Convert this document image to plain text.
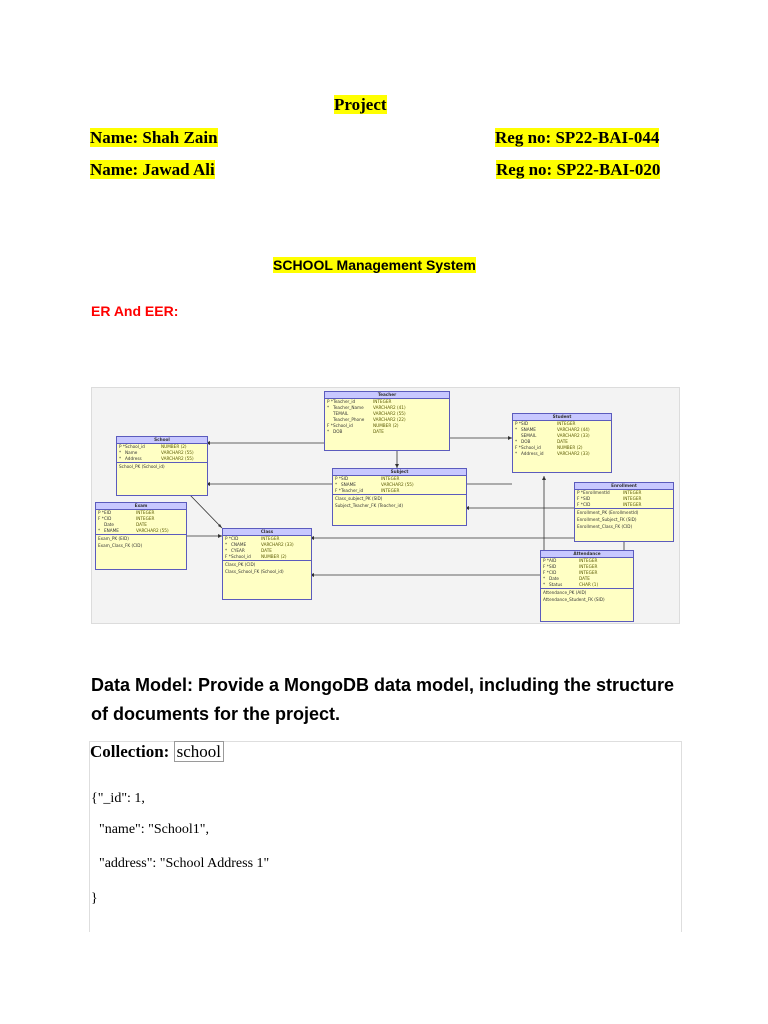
Project
Name: Shah Zain	Reg no: SP22-BAI-044
Name: Jawad Ali	Reg no: SP22-BAI-020
SCHOOL Management System
ER And EER:
Teacher
P * Teacher_id	INTEGER
* Teacher_Name	VARCHAR2 (41)
TEMAIL	VARCHAR2 (55)
Teacher_Phone	VARCHAR2 (22)
F * School_id	NUMBER (2)
* DOB	DATE
School
P * School_id	NUMBER (2)
* Name	VARCHAR2 (55)
* Address	VARCHAR2 (55)
School_PK (School_id)
Student
P * SID	INTEGER
* SNAME	VARCHAR2 (44)
SEMAIL	VARCHAR2 (33)
* DOB	DATE
F * School_id	NUMBER (2)
* Address_id	VARCHAR2 (33)
Subject
P * SID	INTEGER
* SNAME	VARCHAR2 (55)
F * Teacher_id	INTEGER
Class_subject_PK (SID)
Subject_Teacher_FK (Teacher_id)
Enrollment
P * EnrollmentId	INTEGER
F * SID	INTEGER
F * CID	INTEGER
Enrollment_PK (EnrollmentId)
Enrollment_Subject_FK (SID)
Enrollment_Class_FK (CID)
Exam
P * EID	INTEGER
F * CID	INTEGER
Date	DATE
* ENAME	VARCHAR2 (55)
Exam_PK (EID)
Exam_Class_FK (CID)
Class
P * CID	INTEGER
* CNAME	VARCHAR2 (33)
* CYEAR	DATE
F * School_id	NUMBER (2)
Class_PK (CID)
Class_School_FK (School_id)
Attendance
P * AID	INTEGER
F * SID	INTEGER
F * CID	INTEGER
* Date	DATE
* Status	CHAR (1)
Attendance_PK (AID)
Attendance_Student_FK (SID)
Data Model: Provide a MongoDB data model, including the structure of documents for the project.
Collection: school
{"_id": 1,
"name": "School1",
"address": "School Address 1"
}
